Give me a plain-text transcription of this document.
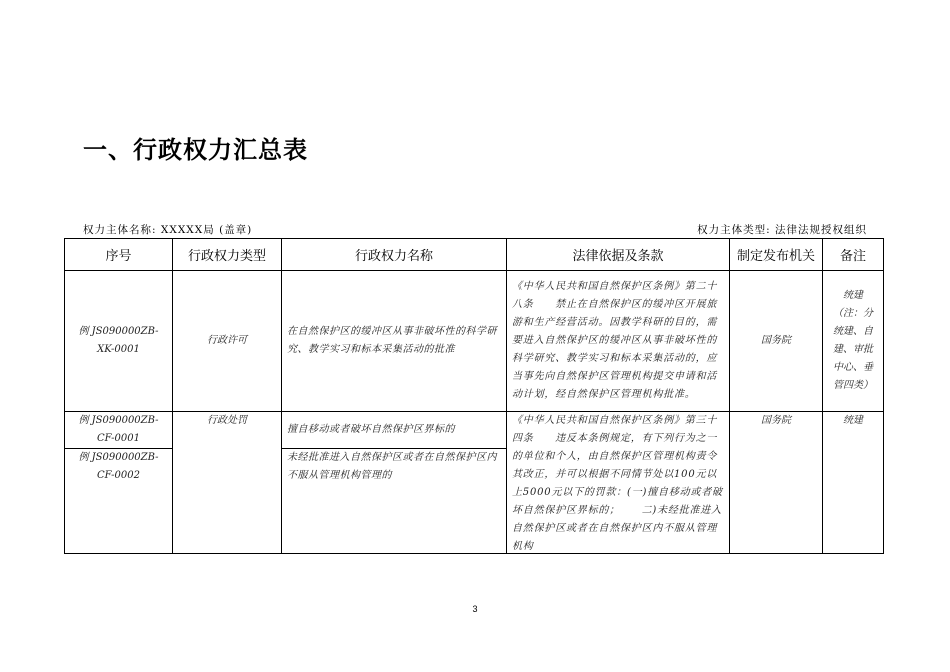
一、行政权力汇总表
权力主体名称: XXXXX局 (盖章)	权力主体类型: 法律法规授权组织
序号	行政权力类型	行政权力名称	法律依据及条款	制定发布机关	备注
例 JS090000ZB-XK-0001	行政许可	在自然保护区的缓冲区从事非破坏性的科学研究、教学实习和标本采集活动的批准	《中华人民共和国自然保护区条例》第二十八条　　禁止在自然保护区的缓冲区开展旅游和生产经营活动。因教学科研的目的，需要进入自然保护区的缓冲区从事非破坏性的科学研究、教学实习和标本采集活动的，应当事先向自然保护区管理机构提交申请和活动计划，经自然保护区管理机构批准。	国务院	统建（注：分统建、自建、审批中心、垂管四类）
例 JS090000ZB-CF-0001	行政处罚	擅自移动或者破坏自然保护区界标的	《中华人民共和国自然保护区条例》第三十四条　　违反本条例规定，有下列行为之一的单位和个人，由自然保护区管理机构责令其改正，并可以根据不同情节处以100元以上5000元以下的罚款：(一)擅自移动或者破坏自然保护区界标的；　　二)未经批准进入自然保护区或者在自然保护区内不服从管理机构	国务院	统建
例 JS090000ZB-CF-0002		未经批准进入自然保护区或者在自然保护区内不服从管理机构管理的			
3
